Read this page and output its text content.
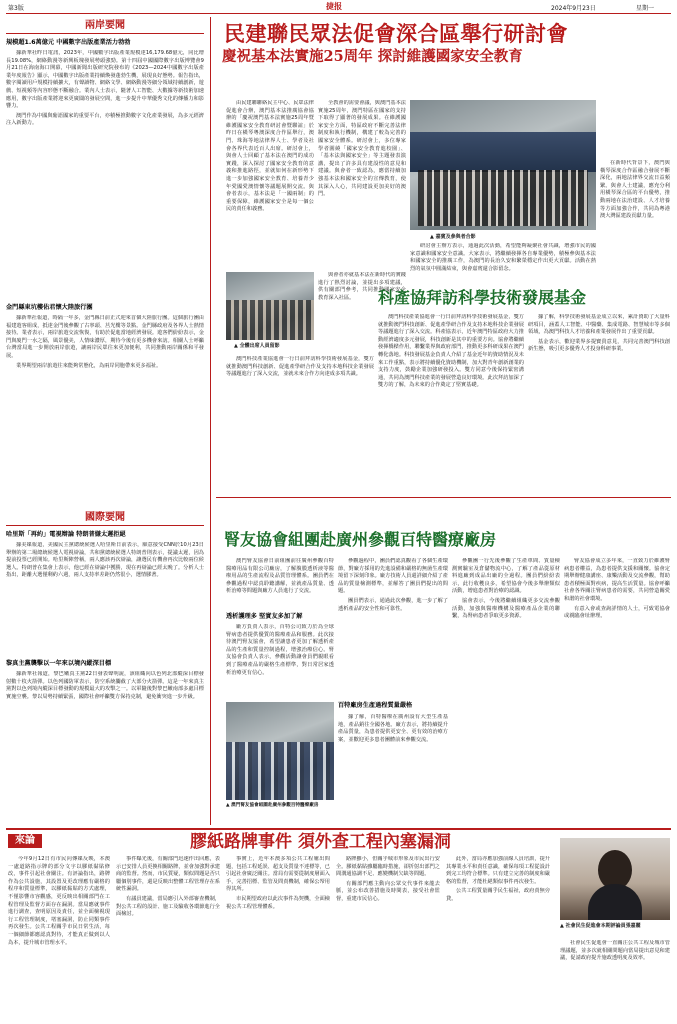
第3版	捷报	2024年9月23日	星期一
兩岸要聞
規模超1.6萬億元 中國數字出版產業活力勃勃

據新華社昨日電訊，2023年，中國數字出版產業規模達16,179.68億元，同比增長19.08%，網絡動漫等新興板塊發展勢頭強勁。第十四屆中國國際數字出版博覽會9月21日在海南海口開幕，中國新聞出版研究院發布的《2023—2024中國數字出版產業年度報告》顯示，中國數字出版產業持續煥發蓬勃生機，展現良好態勢。報告指出，數字閱讀用戶規模持續擴大，有聲讀物、網絡文學、網絡動漫等細分領域持續創新，遊戲、短視頻等內容形態不斷融合。業內人士表示，隨著人工智能、大數據等新技術加速應用，數字出版產業將迎來更廣闊的發展空間，進一步提升中華優秀文化的傳播力和影響力。

澳門作為中國與葡語國家的重要平台，亦積極推動數字文化產業發展，為多元經濟注入新動力。

金門縣東坑樓佑君懷大陸旅行團

據新華社報道，時隔一年多，金門縣日前正式迎來首個大陸旅行團。這個旅行團由福建遊客組成，抵達金門後參觀了古寧頭、莒光樓等景點。金門縣政府及各界人士熱情接待。業者表示，兩岸旅遊交流恢復，有助於促進當地經濟發展。遊客們紛紛表示，金門與廈門一水之隔，風景優美，人情味濃厚，期待今後有更多機會來訪。相關人士呼籲台灣當局進一步開放兩岸旅遊，讓兩岸民眾往來更加便利，共同推動兩岸關係和平發展。

業界期望兩岸旅遊往來能夠常態化，為兩岸同胞帶來更多福祉。

國際要聞
哈里斯「再約」電視辯論 特朗普嫌太遲拒絕

據美媒報道，美國民主黨總統候選人哈里斯日前表示，願意接受CNN於10月23日舉辦的第二場總統候選人電視辯論，共和黨總統候選人特朗普則表示，提議太遲，因為提前投票已經開始。哈里斯陣營稱，兩人應該再次辯論，讓選民有機會再次比較兩位候選人。特朗普在集會上表示，他已經在辯論中獲勝，現在再辯論已經太晚了。分析人士指出，距離大選僅剩約六週，兩人支持率差距仍然很小，選情膠著。

黎真主黨襲擊以一年來以境內縱深目標

據新華社報道，黎巴嫩真主黨22日發表聲明說，該組織向以色列北部縱深目標發射數十枚火箭彈。以色列國防軍表示，防空系統攔截了大部分火箭彈。這是一年來真主黨對以色列境內縱深目標發動的規模最大的攻擊之一。以軍隨後對黎巴嫩南部多處目標實施空襲。黎以局勢持續緊張，國際社會呼籲雙方保持克制，避免衝突進一步升級。

民建聯民眾法促會深合區舉行研討會
慶祝基本法實施25周年 探討維護國家安全教育

由民建聯聯絡民主中心、民眾法律促進會合辦，澳門基本法推廣協會協辦的「慶祝澳門基本法實施25周年暨維護國家安全教育研討會暨聯誼」於昨日在橫琴粵澳深度合作區舉行，澳門、珠海等地法律界人士、學者及社會各界代表近百人出席。研討會上，與會人士回顧了基本法在澳門的成功實踐，深入探討了國家安全教育的意義和推進路徑，並就如何在新形勢下進一步加強國家安全教育、培養青少年愛國愛澳情懷等議題展開交流。與會者表示，基本法是「一國兩制」的重要保障，維護國家安全是每一個公民的責任和義務。

全教會的需要會議，與澳門基本法實施25周年，澳門特區在國家的支持下取得了顯著的發展成果。在維護國家安全方面，特區政府不斷完善法律制度和執行機制，構建了較為完善的國家安全體系。研討會上，多位專家學者圍繞「國家安全教育進校園」、「基本法與國家安全」等主題發表演講，提出了許多具有建設性的意見和建議。與會者一致認為，應當持續加強基本法和國家安全的宣傳教育，使其深入人心，共同建設更加美好的澳門。

▲ 嘉賓及參與者合影

研討會主辦方表示，通過此次活動，希望能夠凝聚社會共識，增強市民的國家意識和國家安全意識。大家表示，將繼續發揮各自專業優勢，積極參與基本法和國家安全的推廣工作，為澳門的長治久安和繁榮穩定作出更大貢獻。活動在熱烈的氣氛中圓滿結束，與會嘉賓還合影留念。

在新時代背景下，澳門與橫琴深度合作區融合發展不斷深化，兩地法律界交流日益頻繁。與會人士建議，應充分利用橫琴深合區的平台優勢，推動兩地在法治建設、人才培養等方面加強合作，共同為粵港澳大灣區建設貢獻力量。

▲ 全體出席人員留影

與會者亦就基本法在新時代的實踐進行了熱烈討論，並提出多項建議，供有關部門參考，共同推動國家安全教育深入社區。	科產協拜訪科學技術發展基金

澳門科技產業協進會一行日前拜訪科學技術發展基金，雙方就推動澳門科技創新、促進產學研合作及支持本地科技企業發展等議題進行了深入交流，並就未來合作方向達成多項共識。

澳門科技產業協進會一行日前拜訪科學技術發展基金，雙方就推動澳門科技創新、促進產學研合作及支持本地科技企業發展等議題進行了深入交流。科產協表示，近年澳門特區政府大力推動經濟適度多元發展，科技創新是其中的重要方向。協會將繼續發揮橋樑作用，聯繫業界與政府部門，推動更多科研成果在澳門轉化落地。科技發展基金負責人介紹了基金近年的資助情況及未來工作重點，表示將持續優化資助機制，加大對青年創新創業的支持力度，鼓勵企業加強研發投入。雙方同意今後保持緊密溝通，共同為澳門科技產業的發展營造良好環境。此次拜訪加深了雙方的了解，為未來的合作奠定了堅實基礎。

據了解，科學技術發展基金成立以來，累計資助了大量科研項目，涵蓋人工智能、中醫藥、集成電路、智慧城市等多個領域，為澳門科技人才培養和產業發展作出了重要貢獻。

基金表示，歡迎業界多提寶貴意見，共同完善澳門科技創新生態，吸引更多優秀人才投身科研事業。

腎友協會組團赴廣州參觀百特醫療廠房

澳門腎友協會日前組團前往廣州參觀百特醫療用品有限公司廠房，了解腹膜透析液等醫療用品的生產流程及品質管理體系。團員們在參觀過程中認真聆聽講解，並就產品質量、透析治療等問題與廠方人員進行了交流。

透析護理多 堅實友多加了解

廠方負責人表示，百特公司致力於為全球腎病患者提供優質的醫療產品和服務。此次接待澳門腎友協會，希望讓患者更加了解透析產品的生產和質量控制過程，增強治療信心。腎友協會負責人表示，參觀活動讓會員們親眼看到了醫療產品的嚴格生產標準，對日常居家透析治療更有信心。

參觀過程中，團員們認真觀看了各個生產環節，對廠方採用的先進設備和嚴格的無菌生產環境留下深刻印象。廠方技術人員還詳細介紹了產品的質量檢測標準，並解答了團員們提出的問題。

團員們表示，通過此次參觀，進一步了解了透析產品的安全性和可靠性。

百特廠房生產過程質量嚴格

參觀團一行先後參觀了生產車間、質量檢測實驗室及倉儲物流中心，了解了產品從原材料進廠到成品出廠的全過程。團員們紛紛表示，此行收穫良多，希望協會今後多舉辦類似活動，增進患者對治療的認識。

協會表示，今後將繼續組織更多交流參觀活動，加強與醫療機構及醫療產品企業的聯繫，為腎病患者爭取更多資源。

腎友協會成立多年來，一直致力於維護腎病患者權益，為患者提供支援和關懷。協會定期舉辦健康講座、康樂活動及交流參觀，幫助患者積極面對疾病，提高生活質量。協會呼籲社會各界關注腎病患者的需要，共同營造關愛和諧的社會環境。

有意入會或查詢詳情的人士，可致電協會或親臨會址辦理。

▲ 澳門腎友協會組團赴廣州參觀百特醫療廠房

據了解，百特醫療在廣州設有大型生產基地，產品銷往全國各地。廠方表示，將持續提升產品質量，為患者提供更安全、更有效的治療方案，並歡迎更多患者團體前來參觀交流。

來論	膠紙路牌事件 須外查工程內塞漏洞

今年9月12日有市民向傳媒反映，本澳一處道路指示牌的部分文字以膠紙黏貼修改，事件引起社會關注。有評論指出，路牌作為公共設施，其設置及更改理應有嚴格的程序和質量標準，以膠紙黏貼的方式處理，不僅影響市容觀感，更反映出相關部門在工程管理及監督方面存在漏洞。當局應就事件進行調查，查明原因及責任，並全面檢視現行工程管理制度，堵塞漏洞，防止同類事件再次發生。公共工程關乎市民日常生活，每一個細節都應認真對待，才能真正做到以人為本，提升城市管理水平。

事件曝光後，有關部門迅速作出回應，表示已安排人員更換相關路牌，並會加強對承建商的監督。然而，市民質疑，類似問題是否只屬個別事件，還是反映出整體工程管理存在系統性漏洞。

有議員建議，當局應引入外部審查機制，對公共工程的設計、施工及驗收各環節進行全面檢討。

事實上，近年本澳多項公共工程屢出問題，包括工程延誤、超支及質量不達標等，已引起社會廣泛關注。當局有需要從制度層面入手，完善招標、監管及問責機制，確保公帑用得其所。

市民期望政府以此次事件為契機，全面檢視公共工程管理體系。

路牌雖小，但關乎城市形象及市民出行安全。膠紙黏貼雖屬臨時措施，卻折射出部門之間溝通協調不足、應變機制欠缺等問題。

有關部門應主動向公眾交代事件來龍去脈，並公布改善措施及時間表，接受社會監督，重建市民信心。

此外，當局亦應加強前線人員培訓，提升其專業水平和責任意識，確保每項工程從設計到完工均符合標準。只有建立完善的制度和嚴格的監督，才能杜絕類似事件再次發生。

公共工程質量關乎民生福祉，政府責無旁貸。

▲ 社會民生促進會本期評論員張嘉麗

社會民生促進會一直關注公共工程及城市管理議題，並多次就相關問題向當局提出意見和建議，促請政府提升施政透明度及效率。
